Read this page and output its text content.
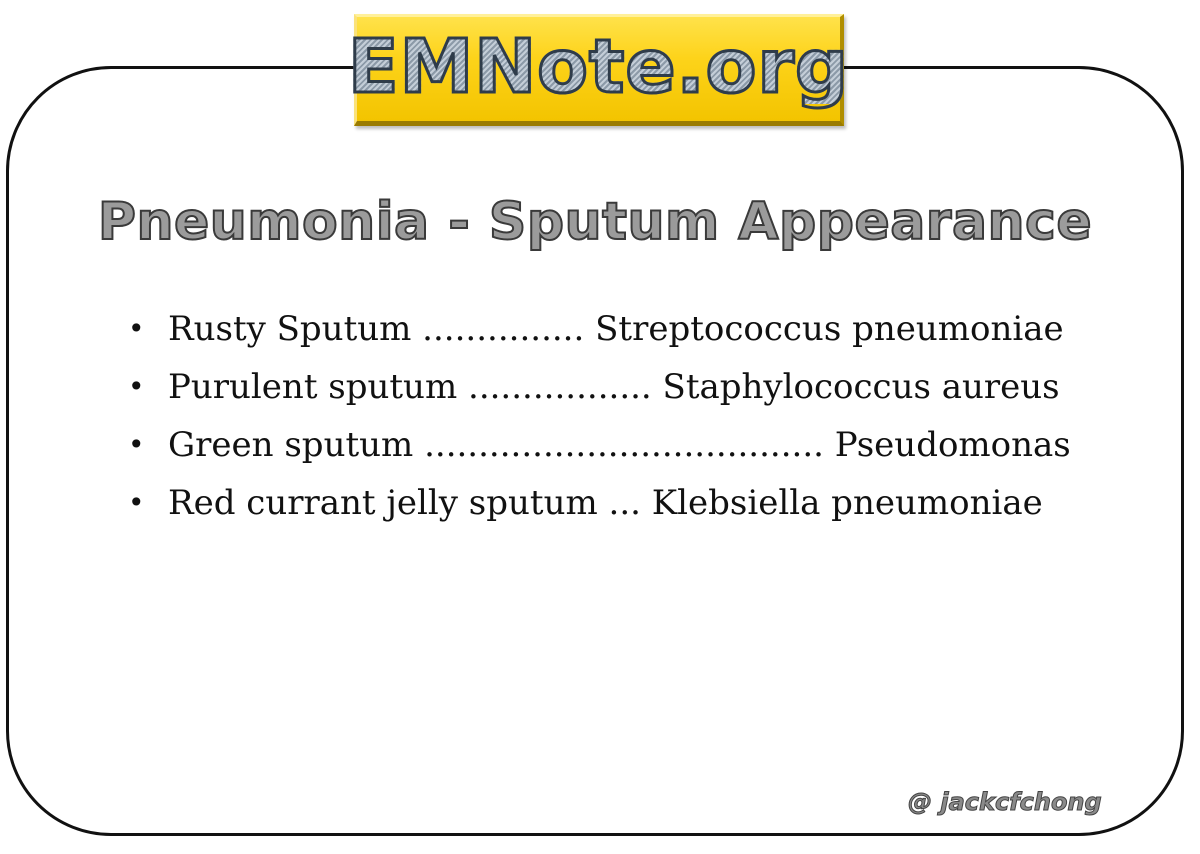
EMNote.org
Pneumonia - Sputum Appearance
• Rusty Sputum ............... Streptococcus pneumoniae
• Purulent sputum ................. Staphylococcus aureus
• Green sputum ..................................... Pseudomonas
• Red currant jelly sputum ... Klebsiella pneumoniae
@ jackcfchong
